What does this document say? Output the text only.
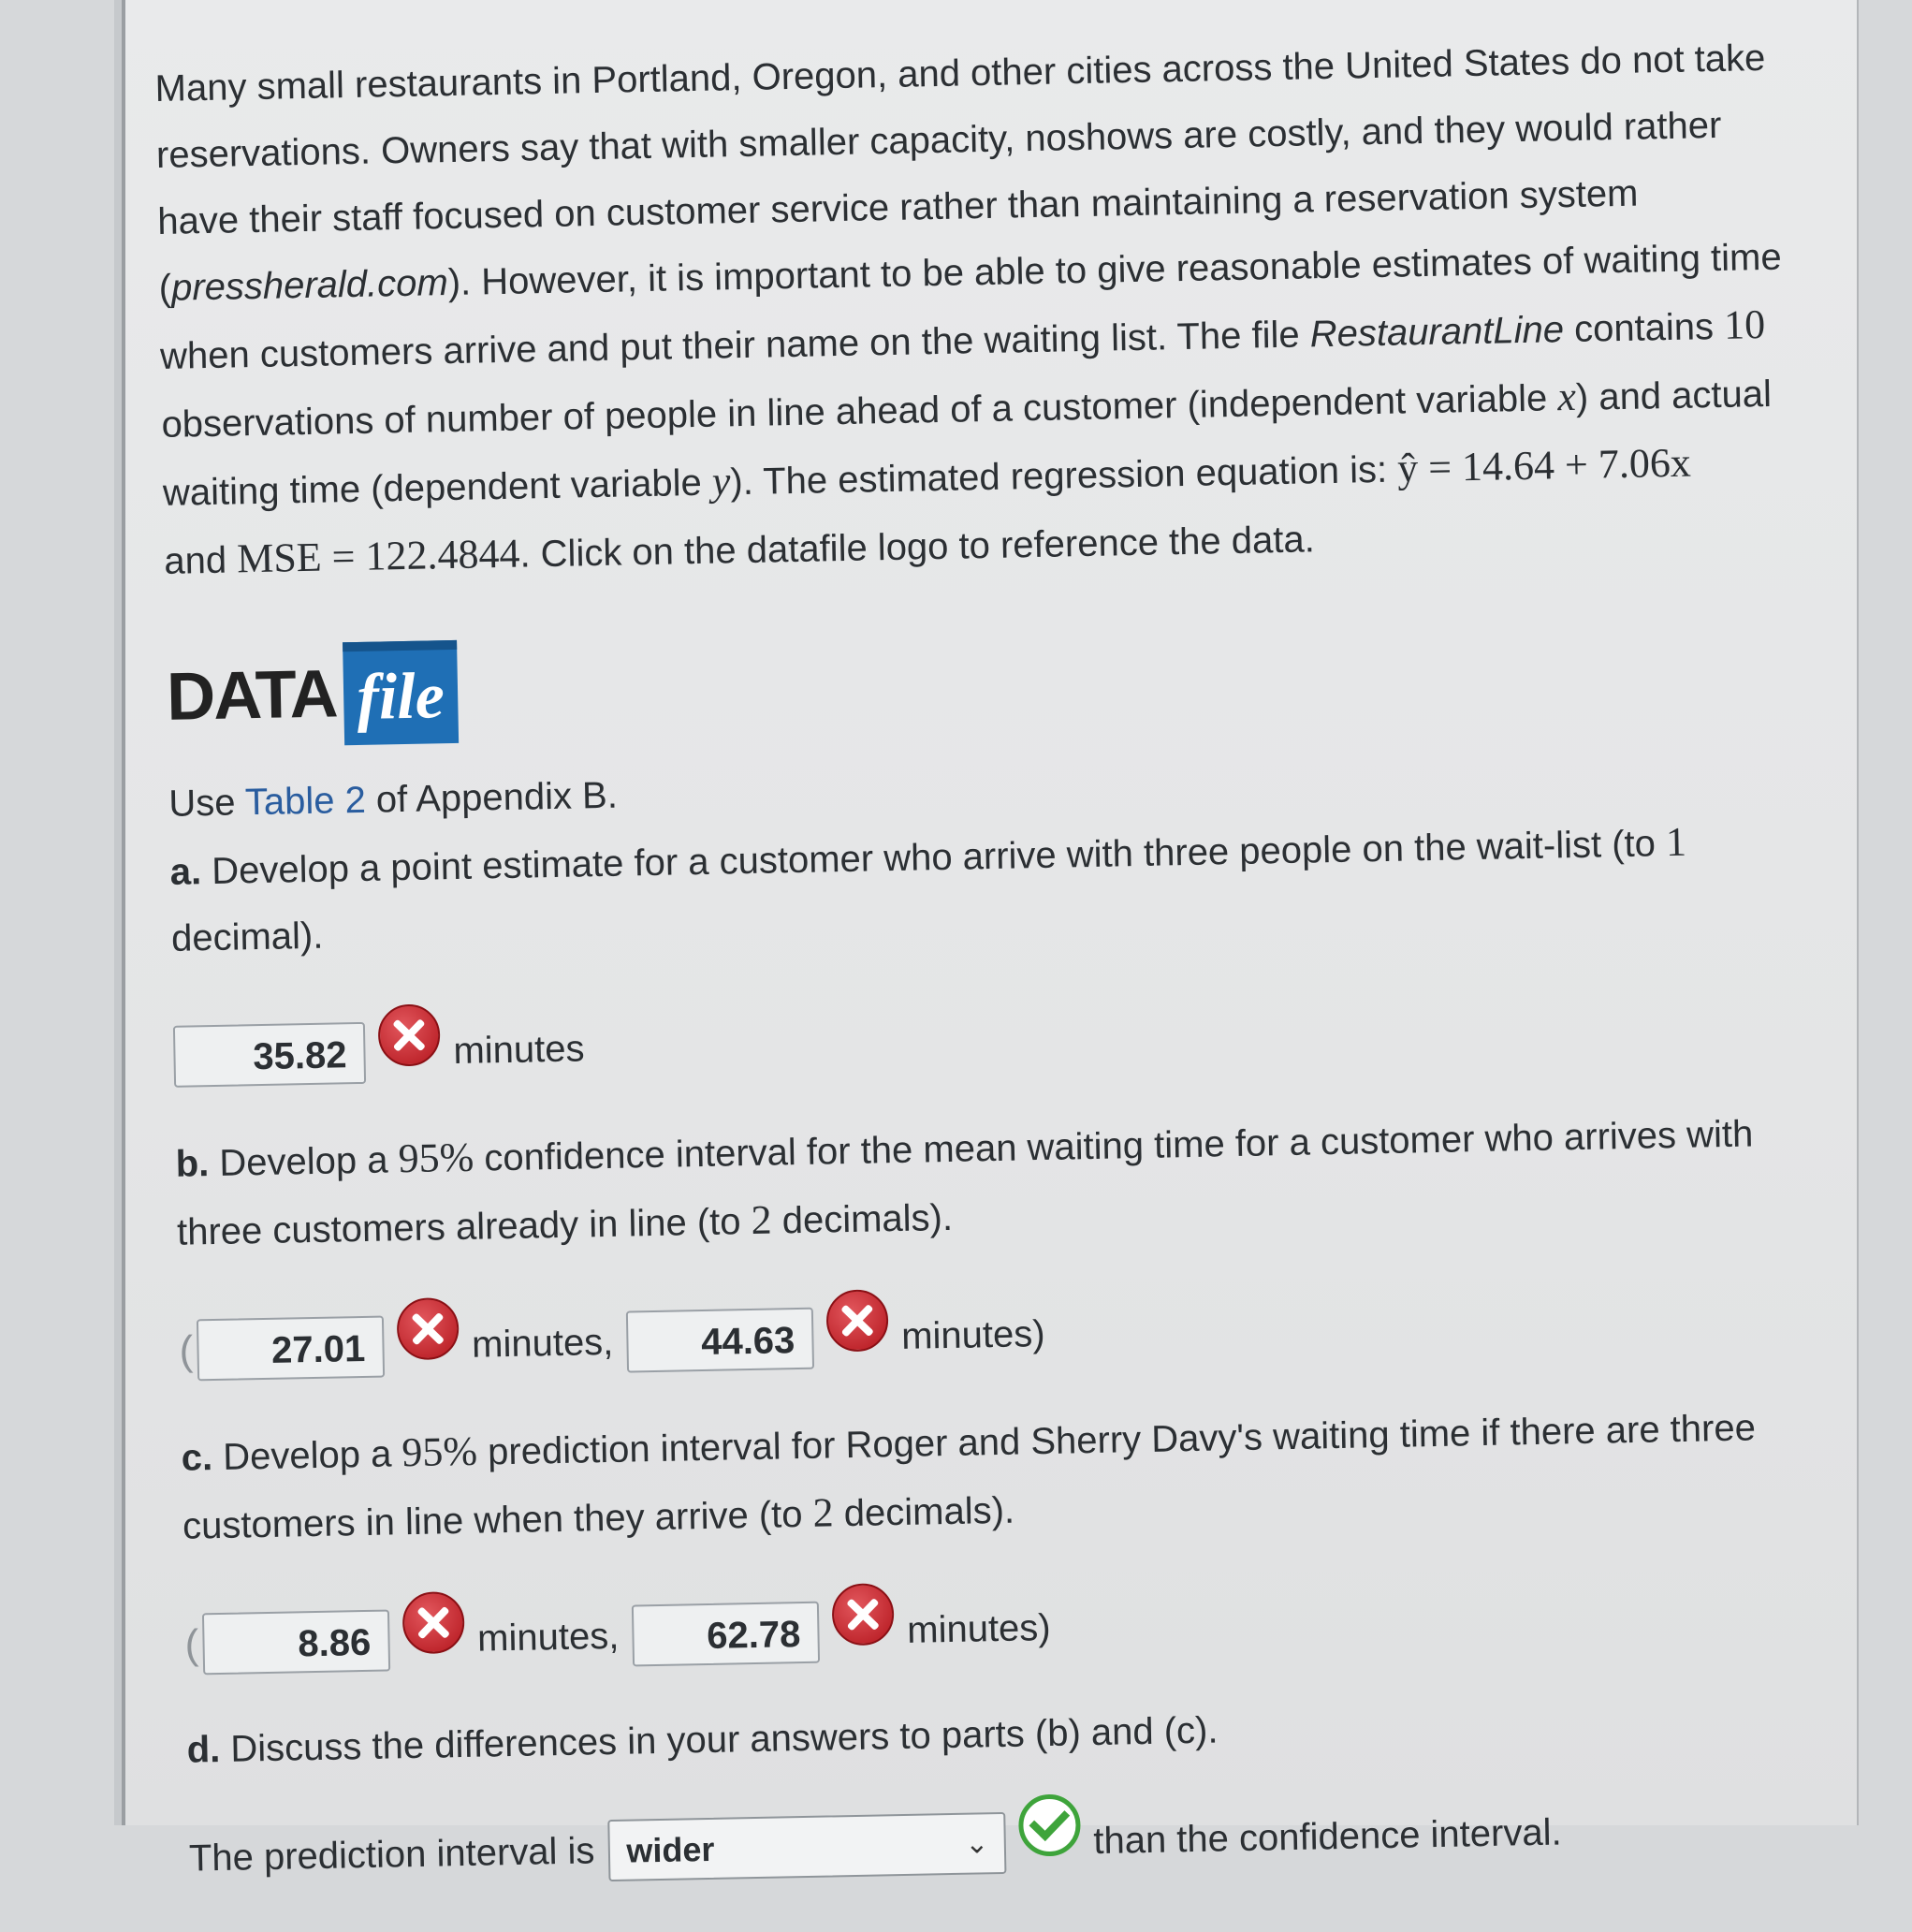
Many small restaurants in Portland, Oregon, and other cities across the United States do not take
reservations. Owners say that with smaller capacity, noshows are costly, and they would rather
have their staff focused on customer service rather than maintaining a reservation system
(pressherald.com). However, it is important to be able to give reasonable estimates of waiting time
when customers arrive and put their name on the waiting list. The file RestaurantLine contains 10
observations of number of people in line ahead of a customer (independent variable x) and actual
waiting time (dependent variable y). The estimated regression equation is: ŷ = 14.64 + 7.06x
and MSE = 122.4844. Click on the datafile logo to reference the data.

DATA file

Use Table 2 of Appendix B.

a. Develop a point estimate for a customer who arrive with three people on the wait-list (to 1
decimal).

35.82	minutes

b. Develop a 95% confidence interval for the mean waiting time for a customer who arrives with
three customers already in line (to 2 decimals).

(	27.01	minutes,	44.63	minutes)

c. Develop a 95% prediction interval for Roger and Sherry Davy's waiting time if there are three
customers in line when they arrive (to 2 decimals).

(	8.86	minutes,	62.78	minutes)

d. Discuss the differences in your answers to parts (b) and (c).

The prediction interval is wider	⌄	than the confidence interval.
